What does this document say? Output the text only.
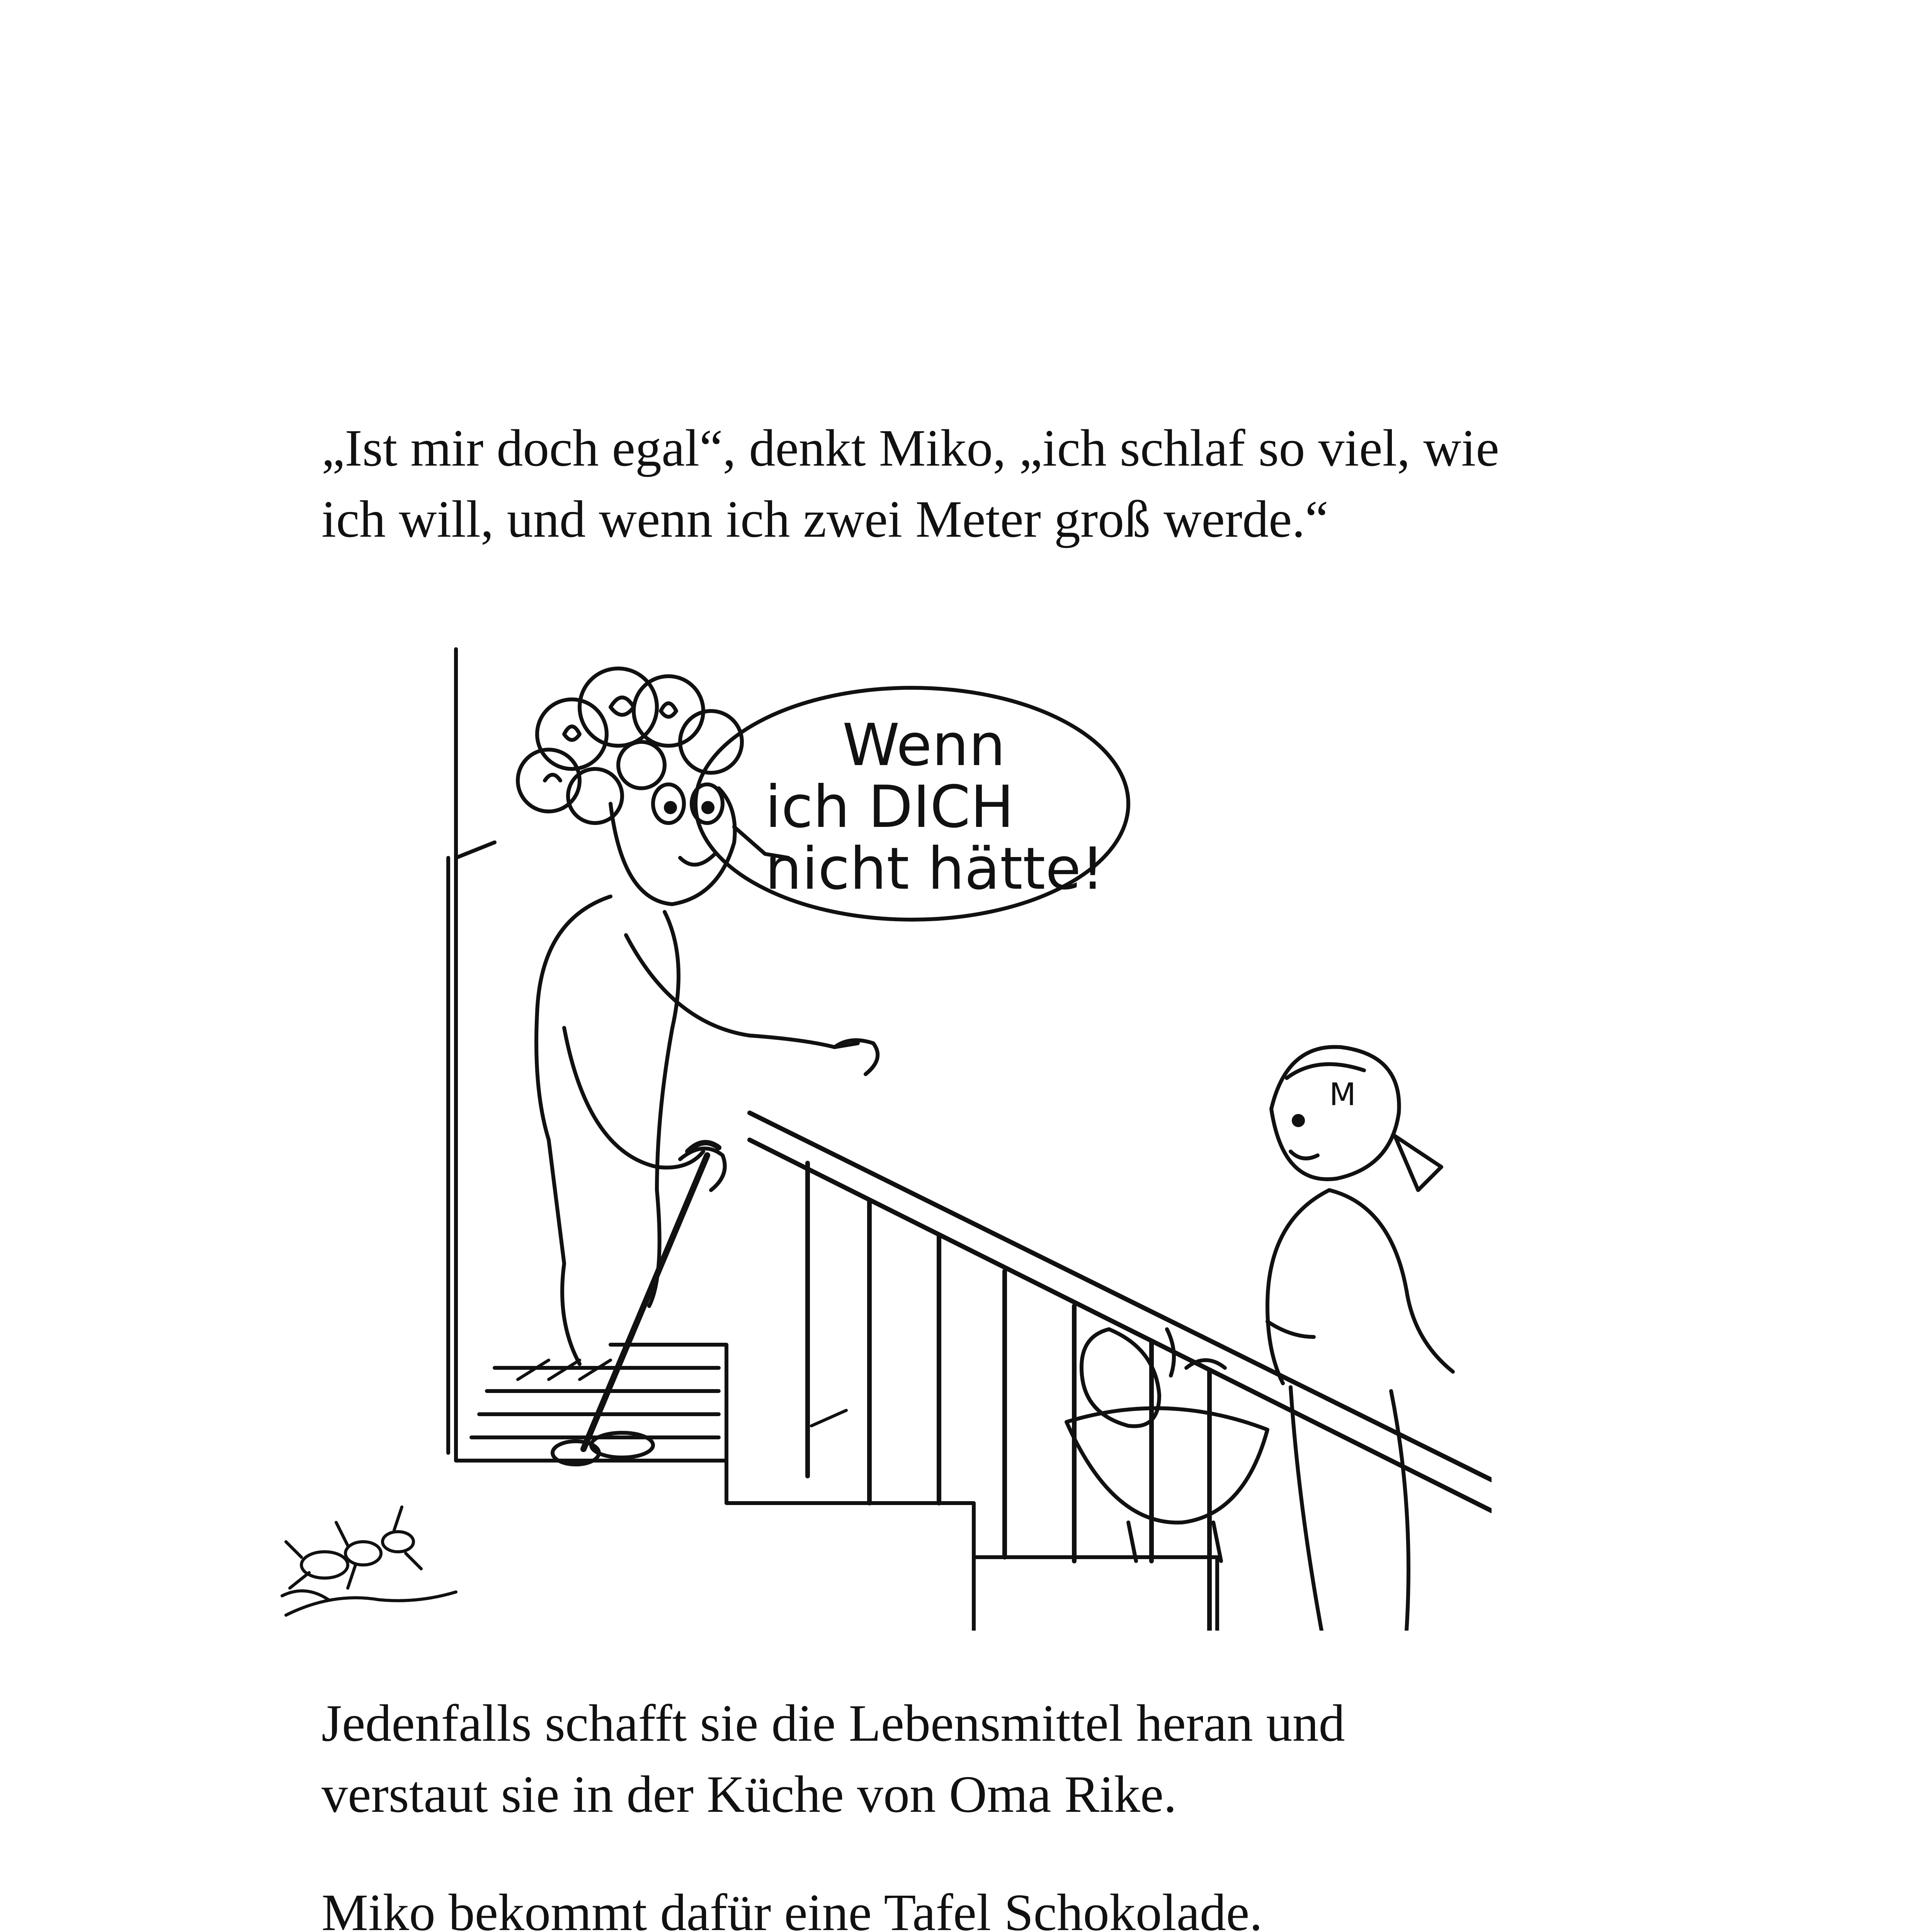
„Ist mir doch egal“, denkt Miko, „ich schlaf so viel, wie
ich will, und wenn ich zwei Meter groß werde.“

Wenn
ich DICH
nicht hätte!
M

Jedenfalls schafft sie die Lebensmittel heran und
verstaut sie in der Küche von Oma Rike.

Miko bekommt dafür eine Tafel Schokolade.
